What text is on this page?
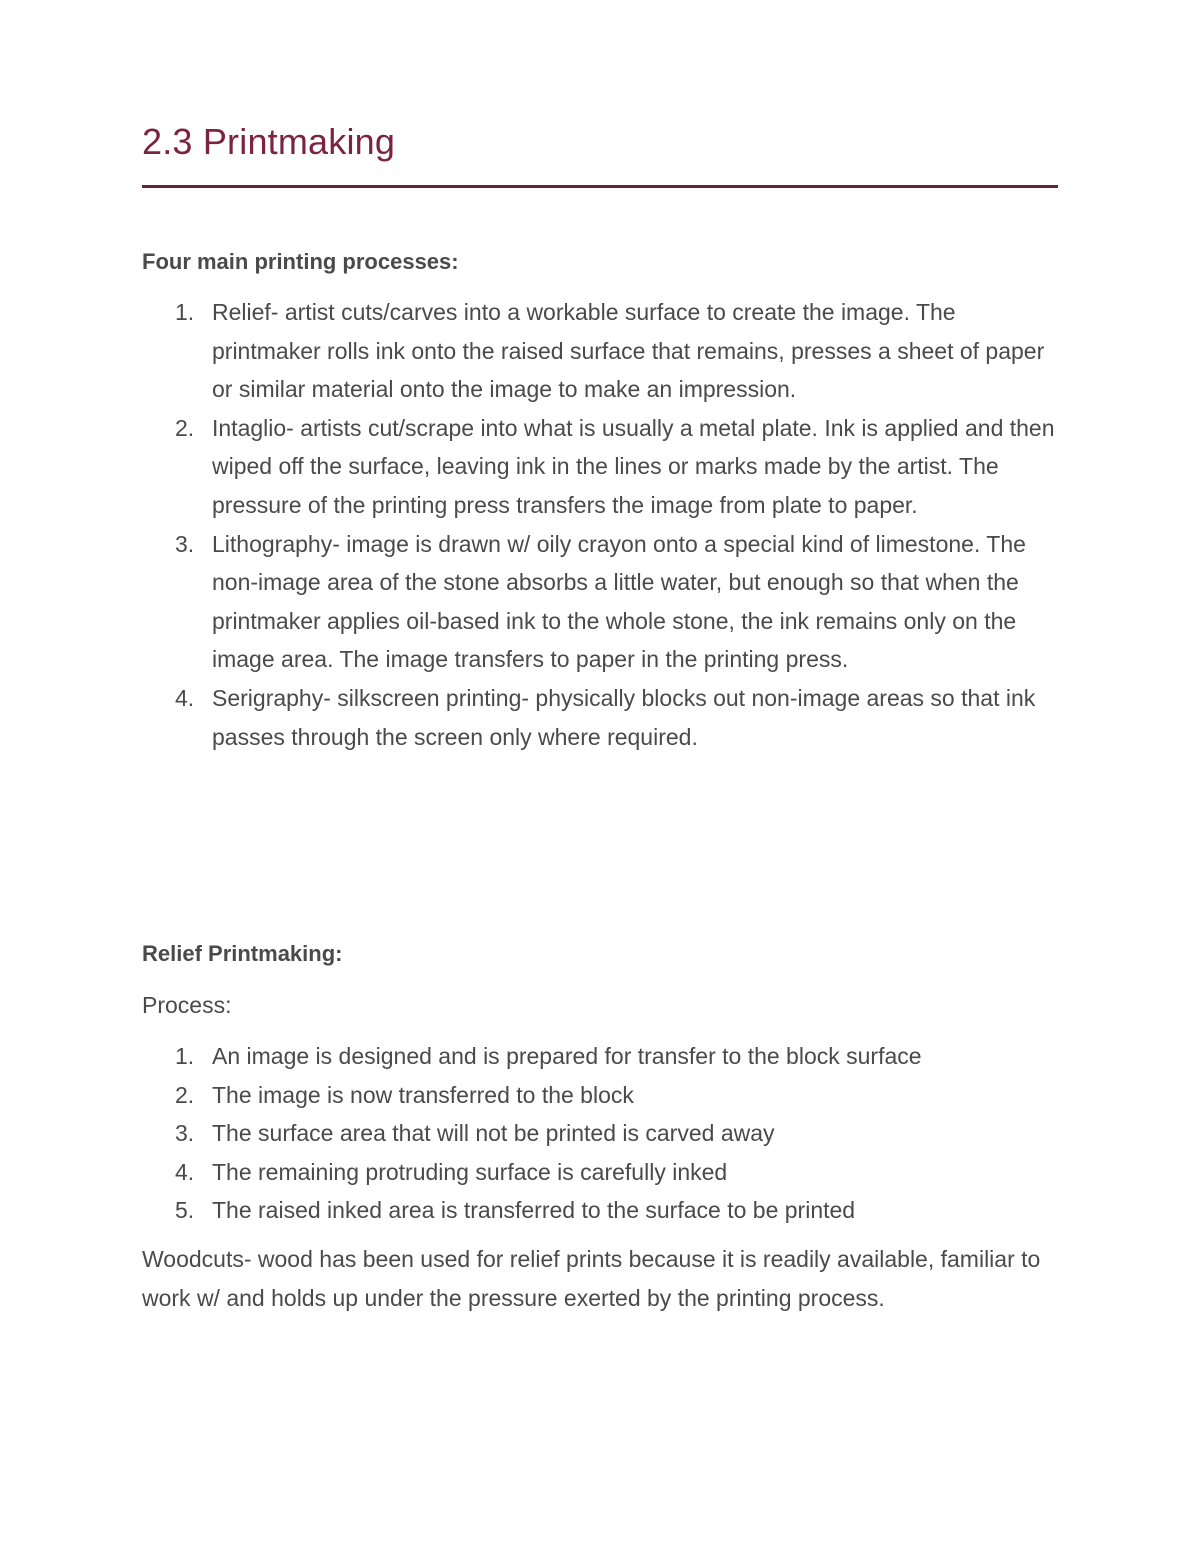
2.3 Printmaking
Four main printing processes:
1. Relief- artist cuts/carves into a workable surface to create the image. The printmaker rolls ink onto the raised surface that remains, presses a sheet of paper or similar material onto the image to make an impression.
2. Intaglio- artists cut/scrape into what is usually a metal plate. Ink is applied and then wiped off the surface, leaving ink in the lines or marks made by the artist. The pressure of the printing press transfers the image from plate to paper.
3. Lithography- image is drawn w/ oily crayon onto a special kind of limestone. The non-image area of the stone absorbs a little water, but enough so that when the printmaker applies oil-based ink to the whole stone, the ink remains only on the image area. The image transfers to paper in the printing press.
4. Serigraphy- silkscreen printing- physically blocks out non-image areas so that ink passes through the screen only where required.
Relief Printmaking:

Process:

1. An image is designed and is prepared for transfer to the block surface
2. The image is now transferred to the block
3. The surface area that will not be printed is carved away
4. The remaining protruding surface is carefully inked
5. The raised inked area is transferred to the surface to be printed

Woodcuts- wood has been used for relief prints because it is readily available, familiar to work w/ and holds up under the pressure exerted by the printing process.
